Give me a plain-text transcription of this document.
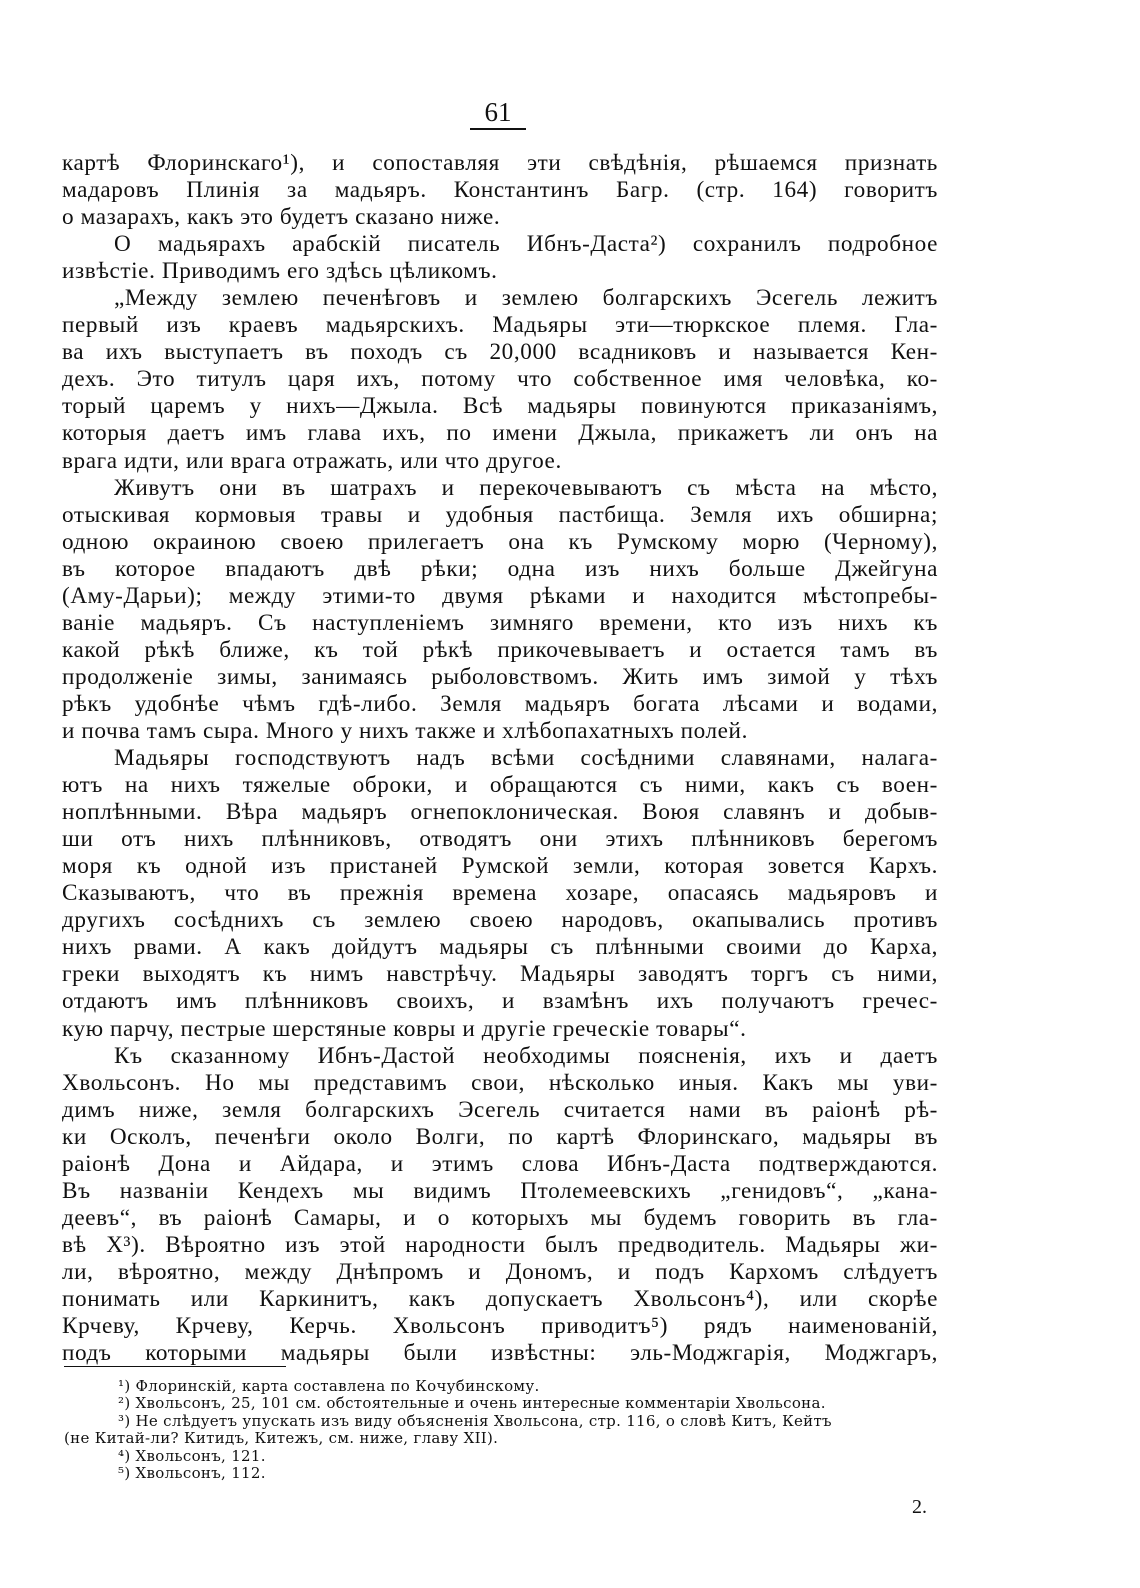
61
картѣ Флоринскаго¹), и сопоставляя эти свѣдѣнія, рѣшаемся признать
мадаровъ Плинія за мадьяръ. Константинъ Багр. (стр. 164) говоритъ
о мазарахъ, какъ это будетъ сказано ниже.
О мадьярахъ арабскій писатель Ибнъ-Даста²) сохранилъ подробное
извѣстіе. Приводимъ его здѣсь цѣликомъ.
„Между землею печенѣговъ и землею болгарскихъ Эсегель лежитъ
первый изъ краевъ мадьярскихъ. Мадьяры эти—тюркское племя. Гла-
ва ихъ выступаетъ въ походъ съ 20,000 всадниковъ и называется Кен-
дехъ. Это титулъ царя ихъ, потому что собственное имя человѣка, ко-
торый царемъ у нихъ—Джыла. Всѣ мадьяры повинуются приказаніямъ,
которыя даетъ имъ глава ихъ, по имени Джыла, прикажетъ ли онъ на
врага идти, или врага отражать, или что другое.
Живутъ они въ шатрахъ и перекочевываютъ съ мѣста на мѣсто,
отыскивая кормовыя травы и удобныя пастбища. Земля ихъ обширна;
одною окраиною своею прилегаетъ она къ Румскому морю (Черному),
въ которое впадаютъ двѣ рѣки; одна изъ нихъ больше Джейгуна
(Аму-Дарьи); между этими-то двумя рѣками и находится мѣстопребы-
ваніе мадьяръ. Съ наступленіемъ зимняго времени, кто изъ нихъ къ
какой рѣкѣ ближе, къ той рѣкѣ прикочевываетъ и остается тамъ въ
продолженіе зимы, занимаясь рыболовствомъ. Жить имъ зимой у тѣхъ
рѣкъ удобнѣе чѣмъ гдѣ-либо. Земля мадьяръ богата лѣсами и водами,
и почва тамъ сыра. Много у нихъ также и хлѣбопахатныхъ полей.
Мадьяры господствуютъ надъ всѣми сосѣдними славянами, налага-
ютъ на нихъ тяжелые оброки, и обращаются съ ними, какъ съ воен-
ноплѣнными. Вѣра мадьяръ огнепоклоническая. Воюя славянъ и добыв-
ши отъ нихъ плѣнниковъ, отводятъ они этихъ плѣнниковъ берегомъ
моря къ одной изъ пристаней Румской земли, которая зовется Кархъ.
Сказываютъ, что въ прежнія времена хозаре, опасаясь мадьяровъ и
другихъ сосѣднихъ съ землею своею народовъ, окапывались противъ
нихъ рвами. А какъ дойдутъ мадьяры съ плѣнными своими до Карха,
греки выходятъ къ нимъ навстрѣчу. Мадьяры заводятъ торгъ съ ними,
отдаютъ имъ плѣнниковъ своихъ, и взамѣнъ ихъ получаютъ гречес-
кую парчу, пестрые шерстяные ковры и другіе греческіе товары“.
Къ сказанному Ибнъ-Дастой необходимы поясненія, ихъ и даетъ
Хвольсонъ. Но мы представимъ свои, нѣсколько иныя. Какъ мы уви-
димъ ниже, земля болгарскихъ Эсегель считается нами въ раіонѣ рѣ-
ки Осколъ, печенѣги около Волги, по картѣ Флоринскаго, мадьяры въ
раіонѣ Дона и Айдара, и этимъ слова Ибнъ-Даста подтверждаются.
Въ названіи Кендехъ мы видимъ Птолемеевскихъ „генидовъ“, „кана-
деевъ“, въ раіонѣ Самары, и о которыхъ мы будемъ говорить въ гла-
вѣ X³). Вѣроятно изъ этой народности былъ предводитель. Мадьяры жи-
ли, вѣроятно, между Днѣпромъ и Дономъ, и подъ Кархомъ слѣдуетъ
понимать или Каркинитъ, какъ допускаетъ Хвольсонъ⁴), или скорѣе
Крчеву, Крчеву, Керчь. Хвольсонъ приводитъ⁵) рядъ наименованій,
подъ которыми мадьяры были извѣстны: эль-Моджгарія, Моджгаръ,
¹) Флоринскій, карта составлена по Кочубинскому.
²) Хвольсонъ, 25, 101 см. обстоятельные и очень интересные комментаріи Хвольсона.
³) Не слѣдуетъ упускать изъ виду объясненія Хвольсона, стр. 116, о словѣ Китъ, Кейтъ
(не Китай-ли? Китидъ, Китежъ, см. ниже, главу XII).
⁴) Хвольсонъ, 121.
⁵) Хвольсонъ, 112.
2.
